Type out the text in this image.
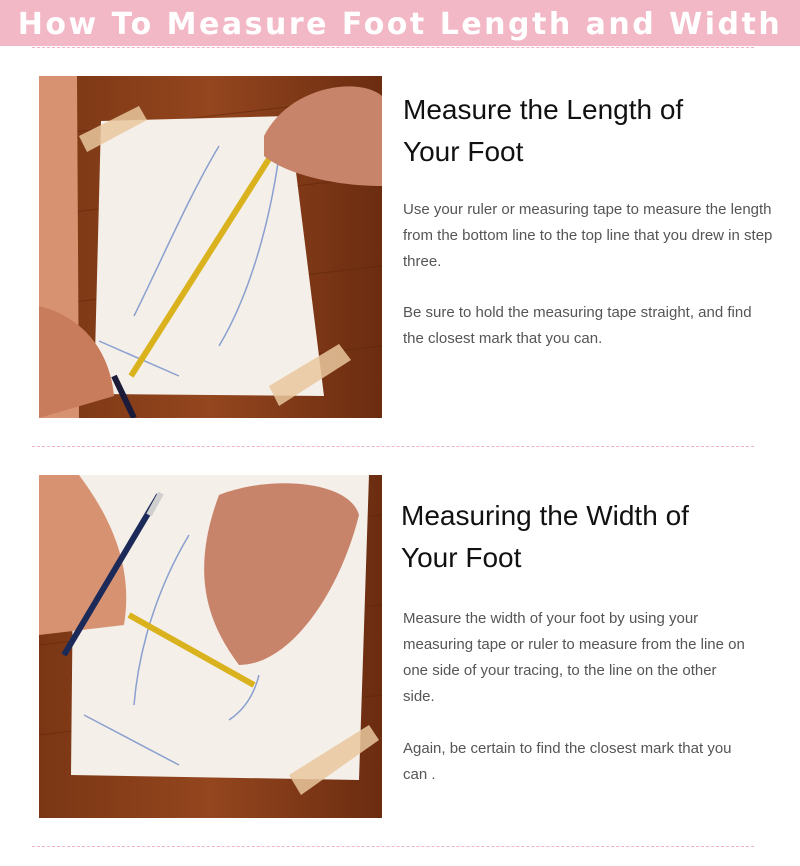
How To Measure Foot Length and Width
Measure the Length of
Your Foot

Use your ruler or measuring tape to measure the length from the bottom line to the top line that you drew in step three.

Be sure to hold the measuring tape straight, and find the closest mark that you can.

Measuring the Width of
Your Foot

Measure the width of your foot by using your measuring tape or ruler to measure from the line on one side of your tracing, to the line on the other side.

Again, be certain to find the closest mark that you can .
